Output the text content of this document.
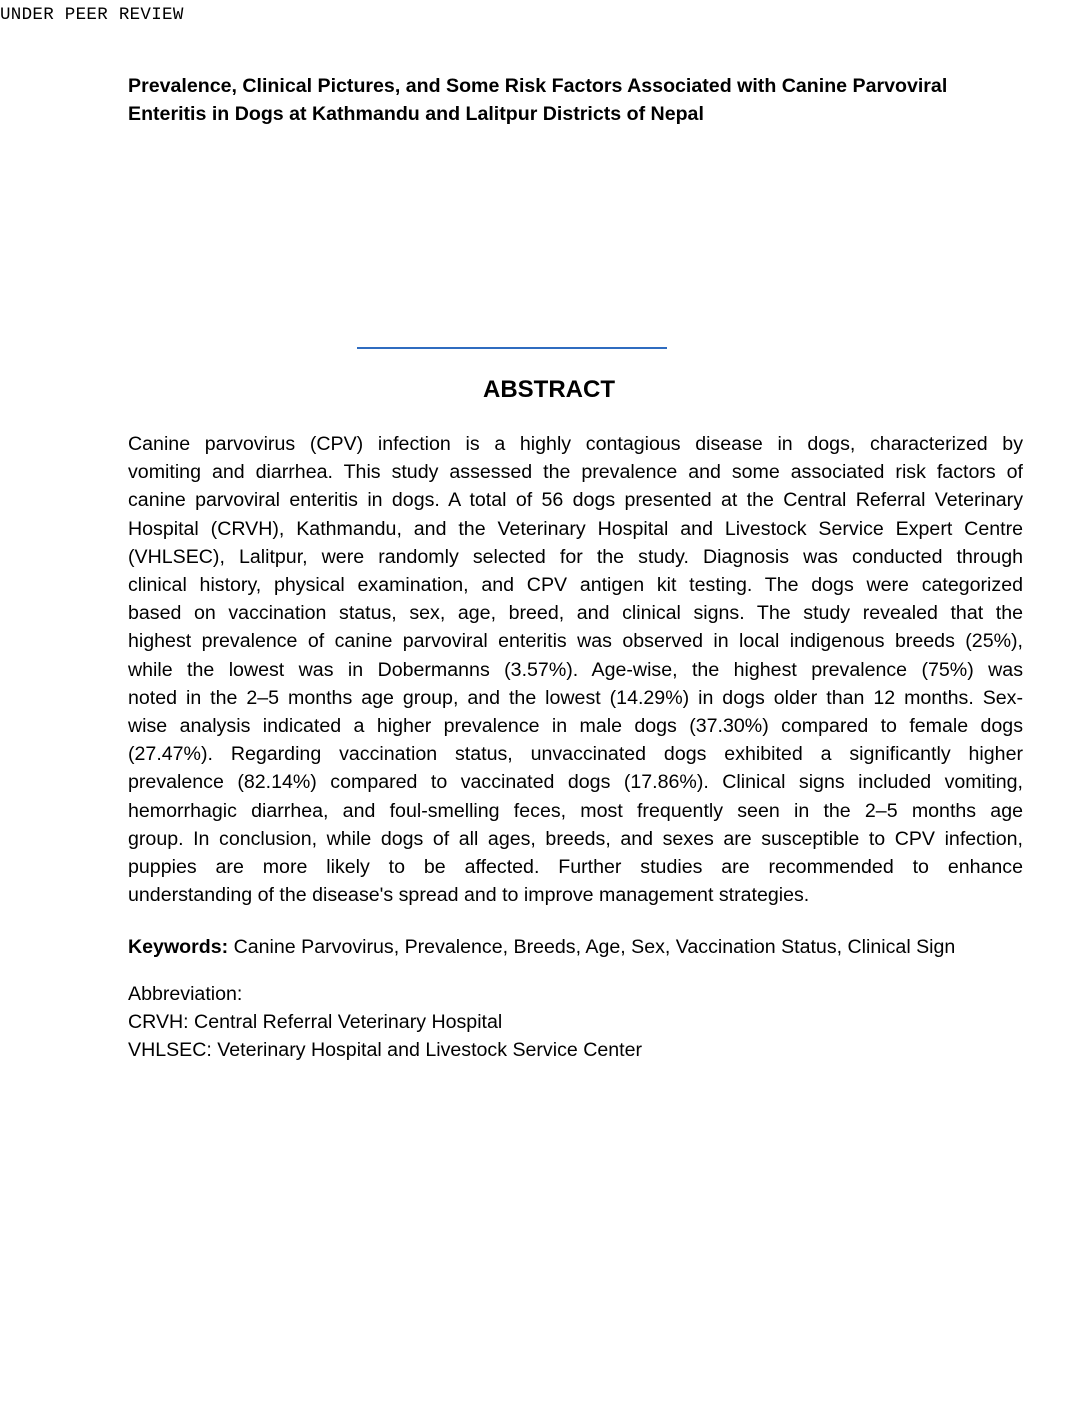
UNDER PEER REVIEW
Prevalence, Clinical Pictures, and Some Risk Factors Associated with Canine Parvoviral
Enteritis in Dogs at Kathmandu and Lalitpur Districts of Nepal
ABSTRACT
Canine parvovirus (CPV) infection is a highly contagious disease in dogs, characterized by
vomiting and diarrhea. This study assessed the prevalence and some associated risk factors of
canine parvoviral enteritis in dogs. A total of 56 dogs presented at the Central Referral Veterinary
Hospital (CRVH), Kathmandu, and the Veterinary Hospital and Livestock Service Expert Centre
(VHLSEC), Lalitpur, were randomly selected for the study. Diagnosis was conducted through
clinical history, physical examination, and CPV antigen kit testing. The dogs were categorized
based on vaccination status, sex, age, breed, and clinical signs. The study revealed that the
highest prevalence of canine parvoviral enteritis was observed in local indigenous breeds (25%),
while the lowest was in Dobermanns (3.57%). Age-wise, the highest prevalence (75%) was
noted in the 2–5 months age group, and the lowest (14.29%) in dogs older than 12 months. Sex-
wise analysis indicated a higher prevalence in male dogs (37.30%) compared to female dogs
(27.47%). Regarding vaccination status, unvaccinated dogs exhibited a significantly higher
prevalence (82.14%) compared to vaccinated dogs (17.86%). Clinical signs included vomiting,
hemorrhagic diarrhea, and foul-smelling feces, most frequently seen in the 2–5 months age
group. In conclusion, while dogs of all ages, breeds, and sexes are susceptible to CPV infection,
puppies are more likely to be affected. Further studies are recommended to enhance
understanding of the disease's spread and to improve management strategies.
Keywords: Canine Parvovirus, Prevalence, Breeds, Age, Sex, Vaccination Status, Clinical Sign
Abbreviation:
CRVH: Central Referral Veterinary Hospital
VHLSEC: Veterinary Hospital and Livestock Service Center
